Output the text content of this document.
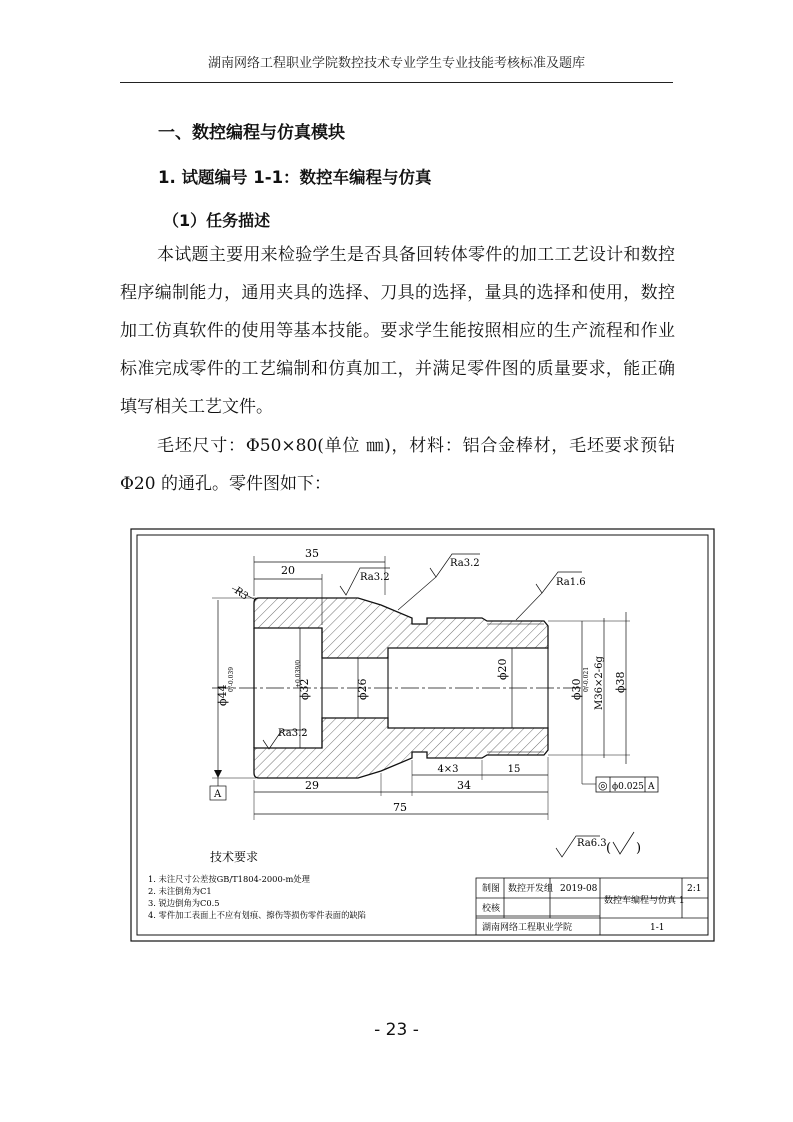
湖南网络工程职业学院数控技术专业学生专业技能考核标准及题库
一、数控编程与仿真模块
1. 试题编号 1-1：数控车编程与仿真
（1）任务描述

本试题主要用来检验学生是否具备回转体零件的加工工艺设计和数控程序编制能力，通用夹具的选择、刀具的选择，量具的选择和使用，数控加工仿真软件的使用等基本技能。要求学生能按照相应的生产流程和作业标准完成零件的工艺编制和仿真加工，并满足零件图的质量要求，能正确填写相关工艺文件。

毛坯尺寸：Φ50×80(单位 ㎜)，材料：铝合金棒材，毛坯要求预钻Φ20 的通孔。零件图如下：

35
20
R3
Ra3.2
Ra3.2
Ra1.6
Ra3.2
ϕ44
0/-0.039	ϕ32
+0.039/0
ϕ26
ϕ20
ϕ30 0/-0.021 M36×2-6g ϕ38
A
4×3	15
29	34
75
◎ ϕ0.025 A
Ra6.3 ( )
技术要求
1. 未注尺寸公差按GB/T1804-2000-m处理
2. 未注倒角为C1
3. 锐边倒角为C0.5
4. 零件加工表面上不应有划痕、擦伤等损伤零件表面的缺陷
制图 数控开发组 2019-08
数控车编程与仿真 1
2:1
校核
湖南网络工程职业学院	1-1
- 23 -
